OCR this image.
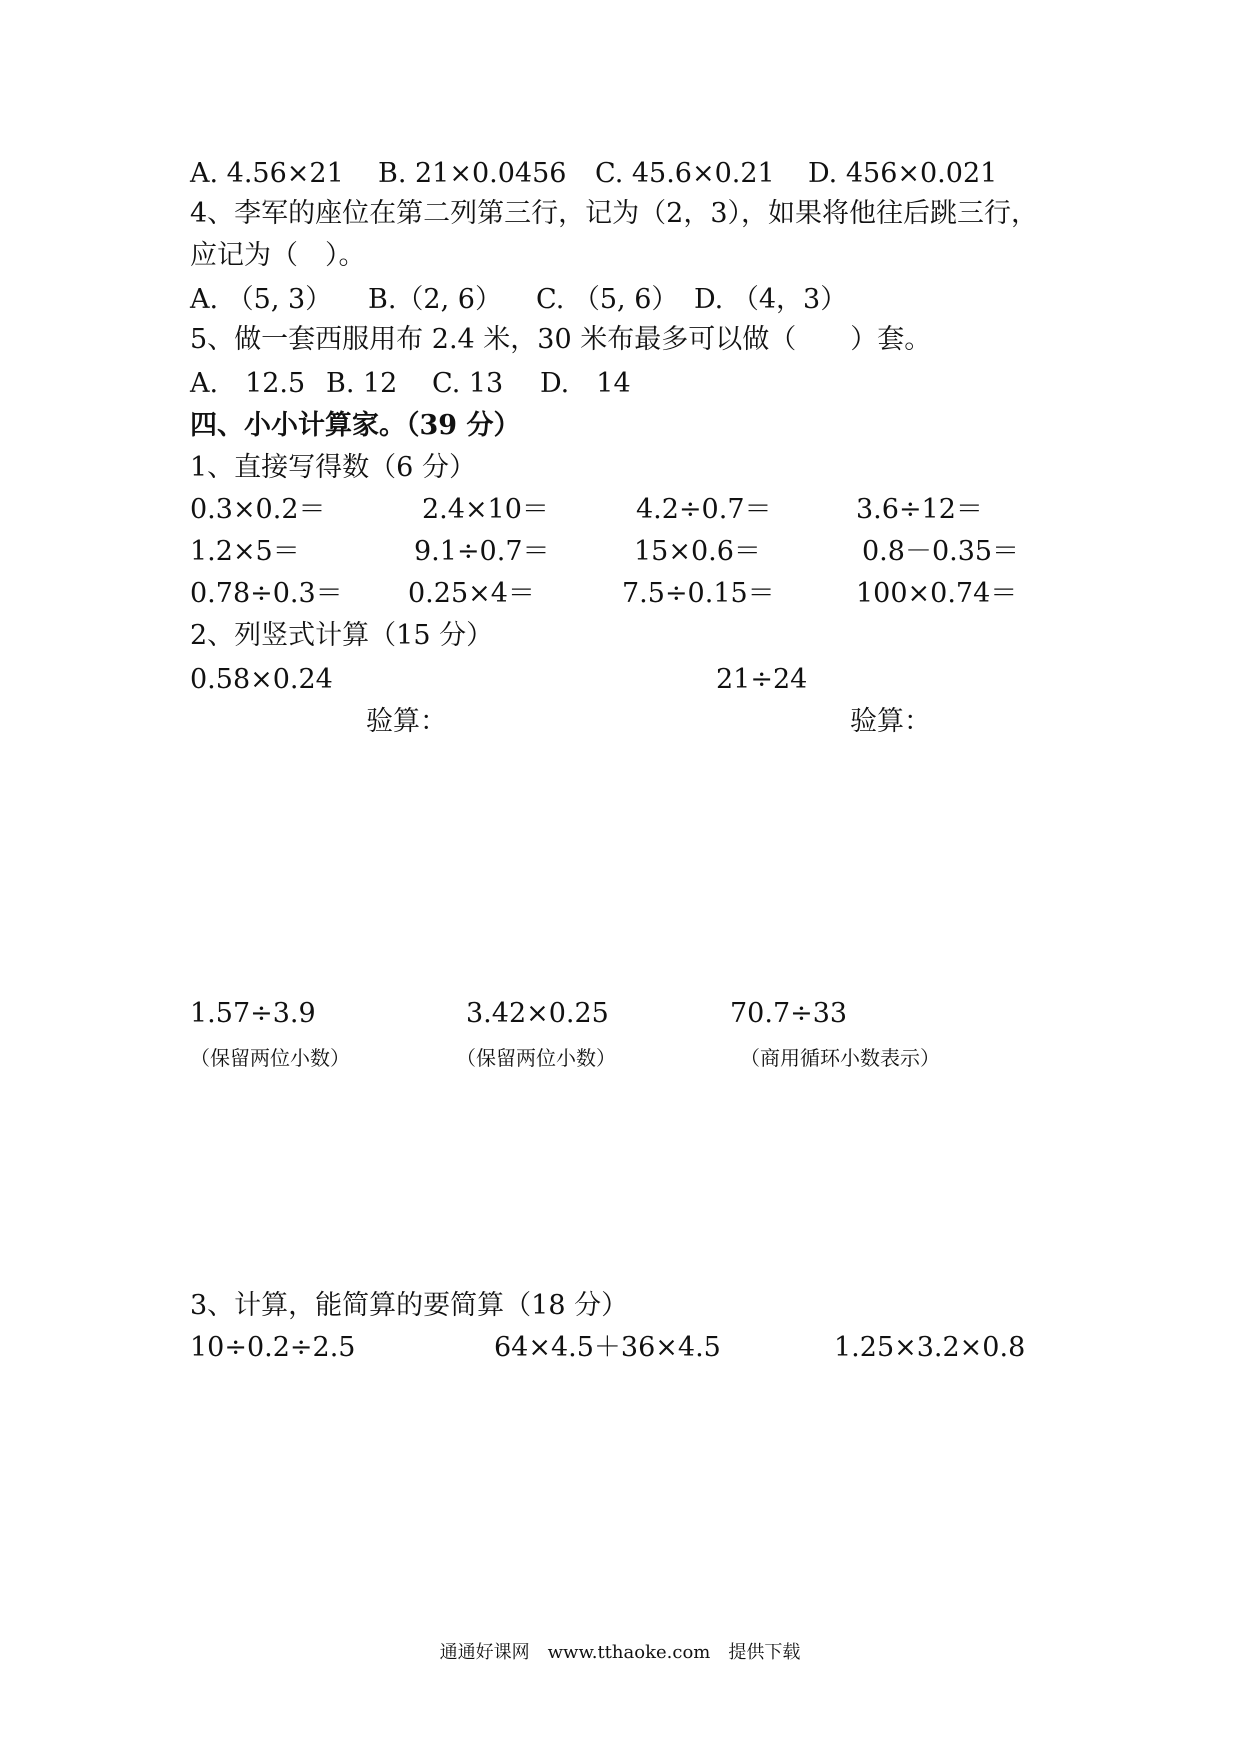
A. 4.56×21 B. 21×0.0456 C. 45.6×0.21 D. 456×0.021
4、李军的座位在第二列第三行，记为（2，3），如果将他往后跳三行，
应记为（　）。
A. （5, 3） B.（2, 6） C. （5, 6） D. （4，3）
5、做一套西服用布 2.4 米，30 米布最多可以做（　　）套。
A.　12.5 B. 12 C. 13 D.　14
四、小小计算家。（39 分）
1、直接写得数（6 分）
0.3×0.2＝	2.4×10＝	4.2÷0.7＝	3.6÷12＝
1.2×5＝	9.1÷0.7＝	15×0.6＝	0.8－0.35＝
0.78÷0.3＝ 0.25×4＝	7.5÷0.15＝	100×0.74＝
2、列竖式计算（15 分）
0.58×0.24	21÷24
验算：	验算：
1.57÷3.9	3.42×0.25	70.7÷33
（保留两位小数）	（保留两位小数）	（商用循环小数表示）
3、计算，能简算的要简算（18 分）
10÷0.2÷2.5	64×4.5＋36×4.5	1.25×3.2×0.8
通通好课网　www.tthaoke.com　提供下载
